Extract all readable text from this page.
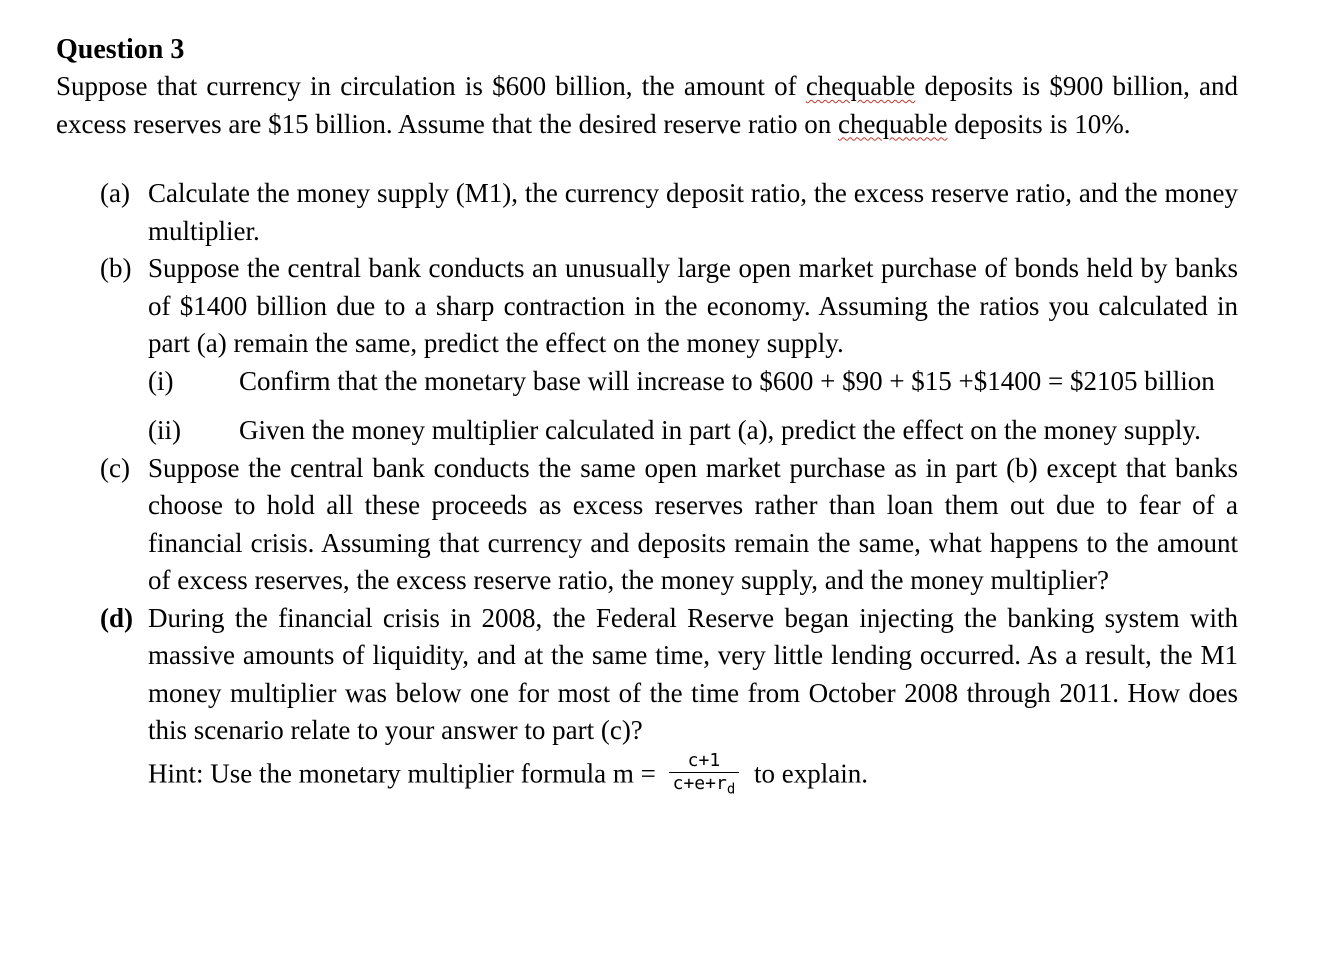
Question 3

Suppose that currency in circulation is $600 billion, the amount of chequable deposits is $900 billion, and excess reserves are $15 billion. Assume that the desired reserve ratio on chequable deposits is 10%.

(a) Calculate the money supply (M1), the currency deposit ratio, the excess reserve ratio, and the money multiplier.
(b) Suppose the central bank conducts an unusually large open market purchase of bonds held by banks of $1400 billion due to a sharp contraction in the economy. Assuming the ratios you calculated in part (a) remain the same, predict the effect on the money supply.
(i) Confirm that the monetary base will increase to $600 + $90 + $15 +$1400 = $2105 billion
(ii) Given the money multiplier calculated in part (a), predict the effect on the money supply.
(c) Suppose the central bank conducts the same open market purchase as in part (b) except that banks choose to hold all these proceeds as excess reserves rather than loan them out due to fear of a financial crisis. Assuming that currency and deposits remain the same, what happens to the amount of excess reserves, the excess reserve ratio, the money supply, and the money multiplier?
(d) During the financial crisis in 2008, the Federal Reserve began injecting the banking system with massive amounts of liquidity, and at the same time, very little lending occurred. As a result, the M1 money multiplier was below one for most of the time from October 2008 through 2011. How does this scenario relate to your answer to part (c)?
Hint: Use the monetary multiplier formula $m = \frac{c+1}{c+e+r_d}$ to explain.
